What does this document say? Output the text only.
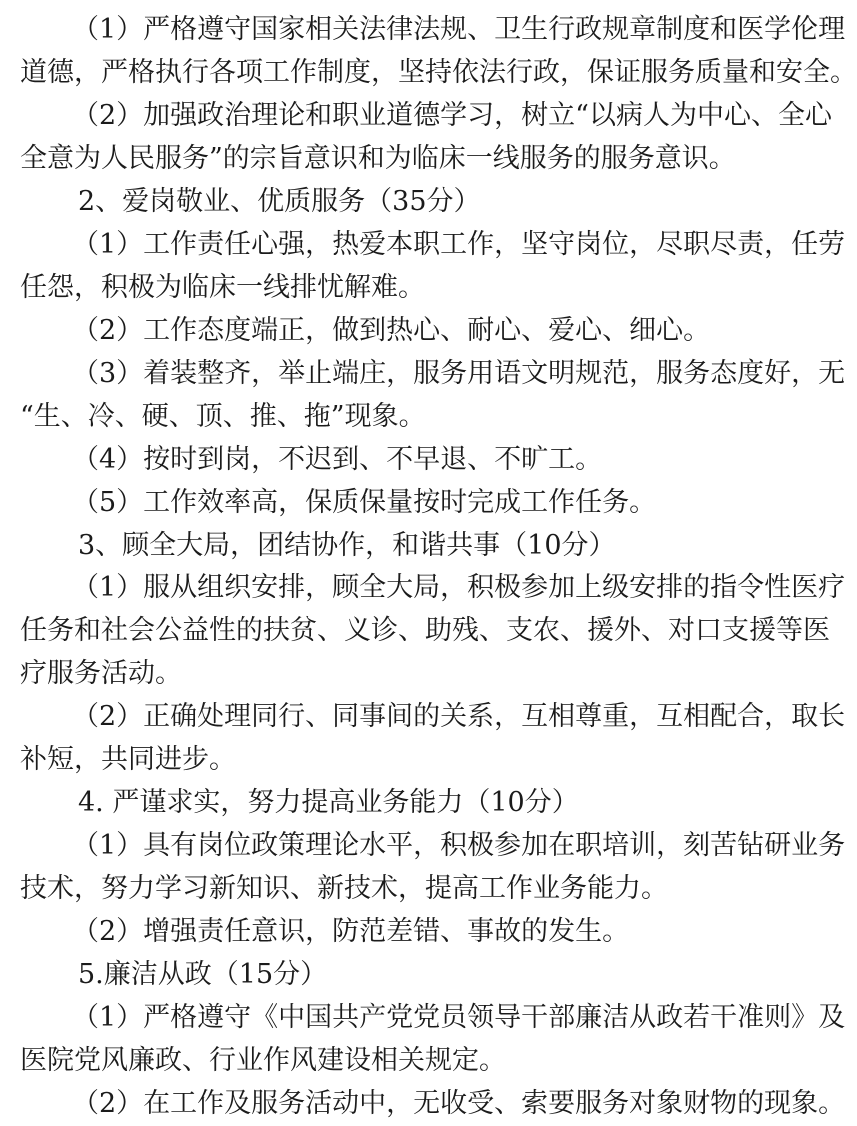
（1）严格遵守国家相关法律法规、卫生行政规章制度和医学伦理

道德，严格执行各项工作制度，坚持依法行政，保证服务质量和安全。

（2）加强政治理论和职业道德学习，树立“以病人为中心、全心

全意为人民服务”的宗旨意识和为临床一线服务的服务意识。

2、爱岗敬业、优质服务（35分）

（1）工作责任心强，热爱本职工作，坚守岗位，尽职尽责，任劳

任怨，积极为临床一线排忧解难。

（2）工作态度端正，做到热心、耐心、爱心、细心。

（3）着装整齐，举止端庄，服务用语文明规范，服务态度好，无

“生、冷、硬、顶、推、拖”现象。

（4）按时到岗，不迟到、不早退、不旷工。

（5）工作效率高，保质保量按时完成工作任务。

3、顾全大局，团结协作，和谐共事（10分）

（1）服从组织安排，顾全大局，积极参加上级安排的指令性医疗

任务和社会公益性的扶贫、义诊、助残、支农、援外、对口支援等医

疗服务活动。

（2）正确处理同行、同事间的关系，互相尊重，互相配合，取长

补短，共同进步。

4. 严谨求实，努力提高业务能力（10分）

（1）具有岗位政策理论水平，积极参加在职培训，刻苦钻研业务

技术，努力学习新知识、新技术，提高工作业务能力。

（2）增强责任意识，防范差错、事故的发生。

5.廉洁从政（15分）

（1）严格遵守《中国共产党党员领导干部廉洁从政若干准则》及

医院党风廉政、行业作风建设相关规定。

（2）在工作及服务活动中，无收受、索要服务对象财物的现象。
